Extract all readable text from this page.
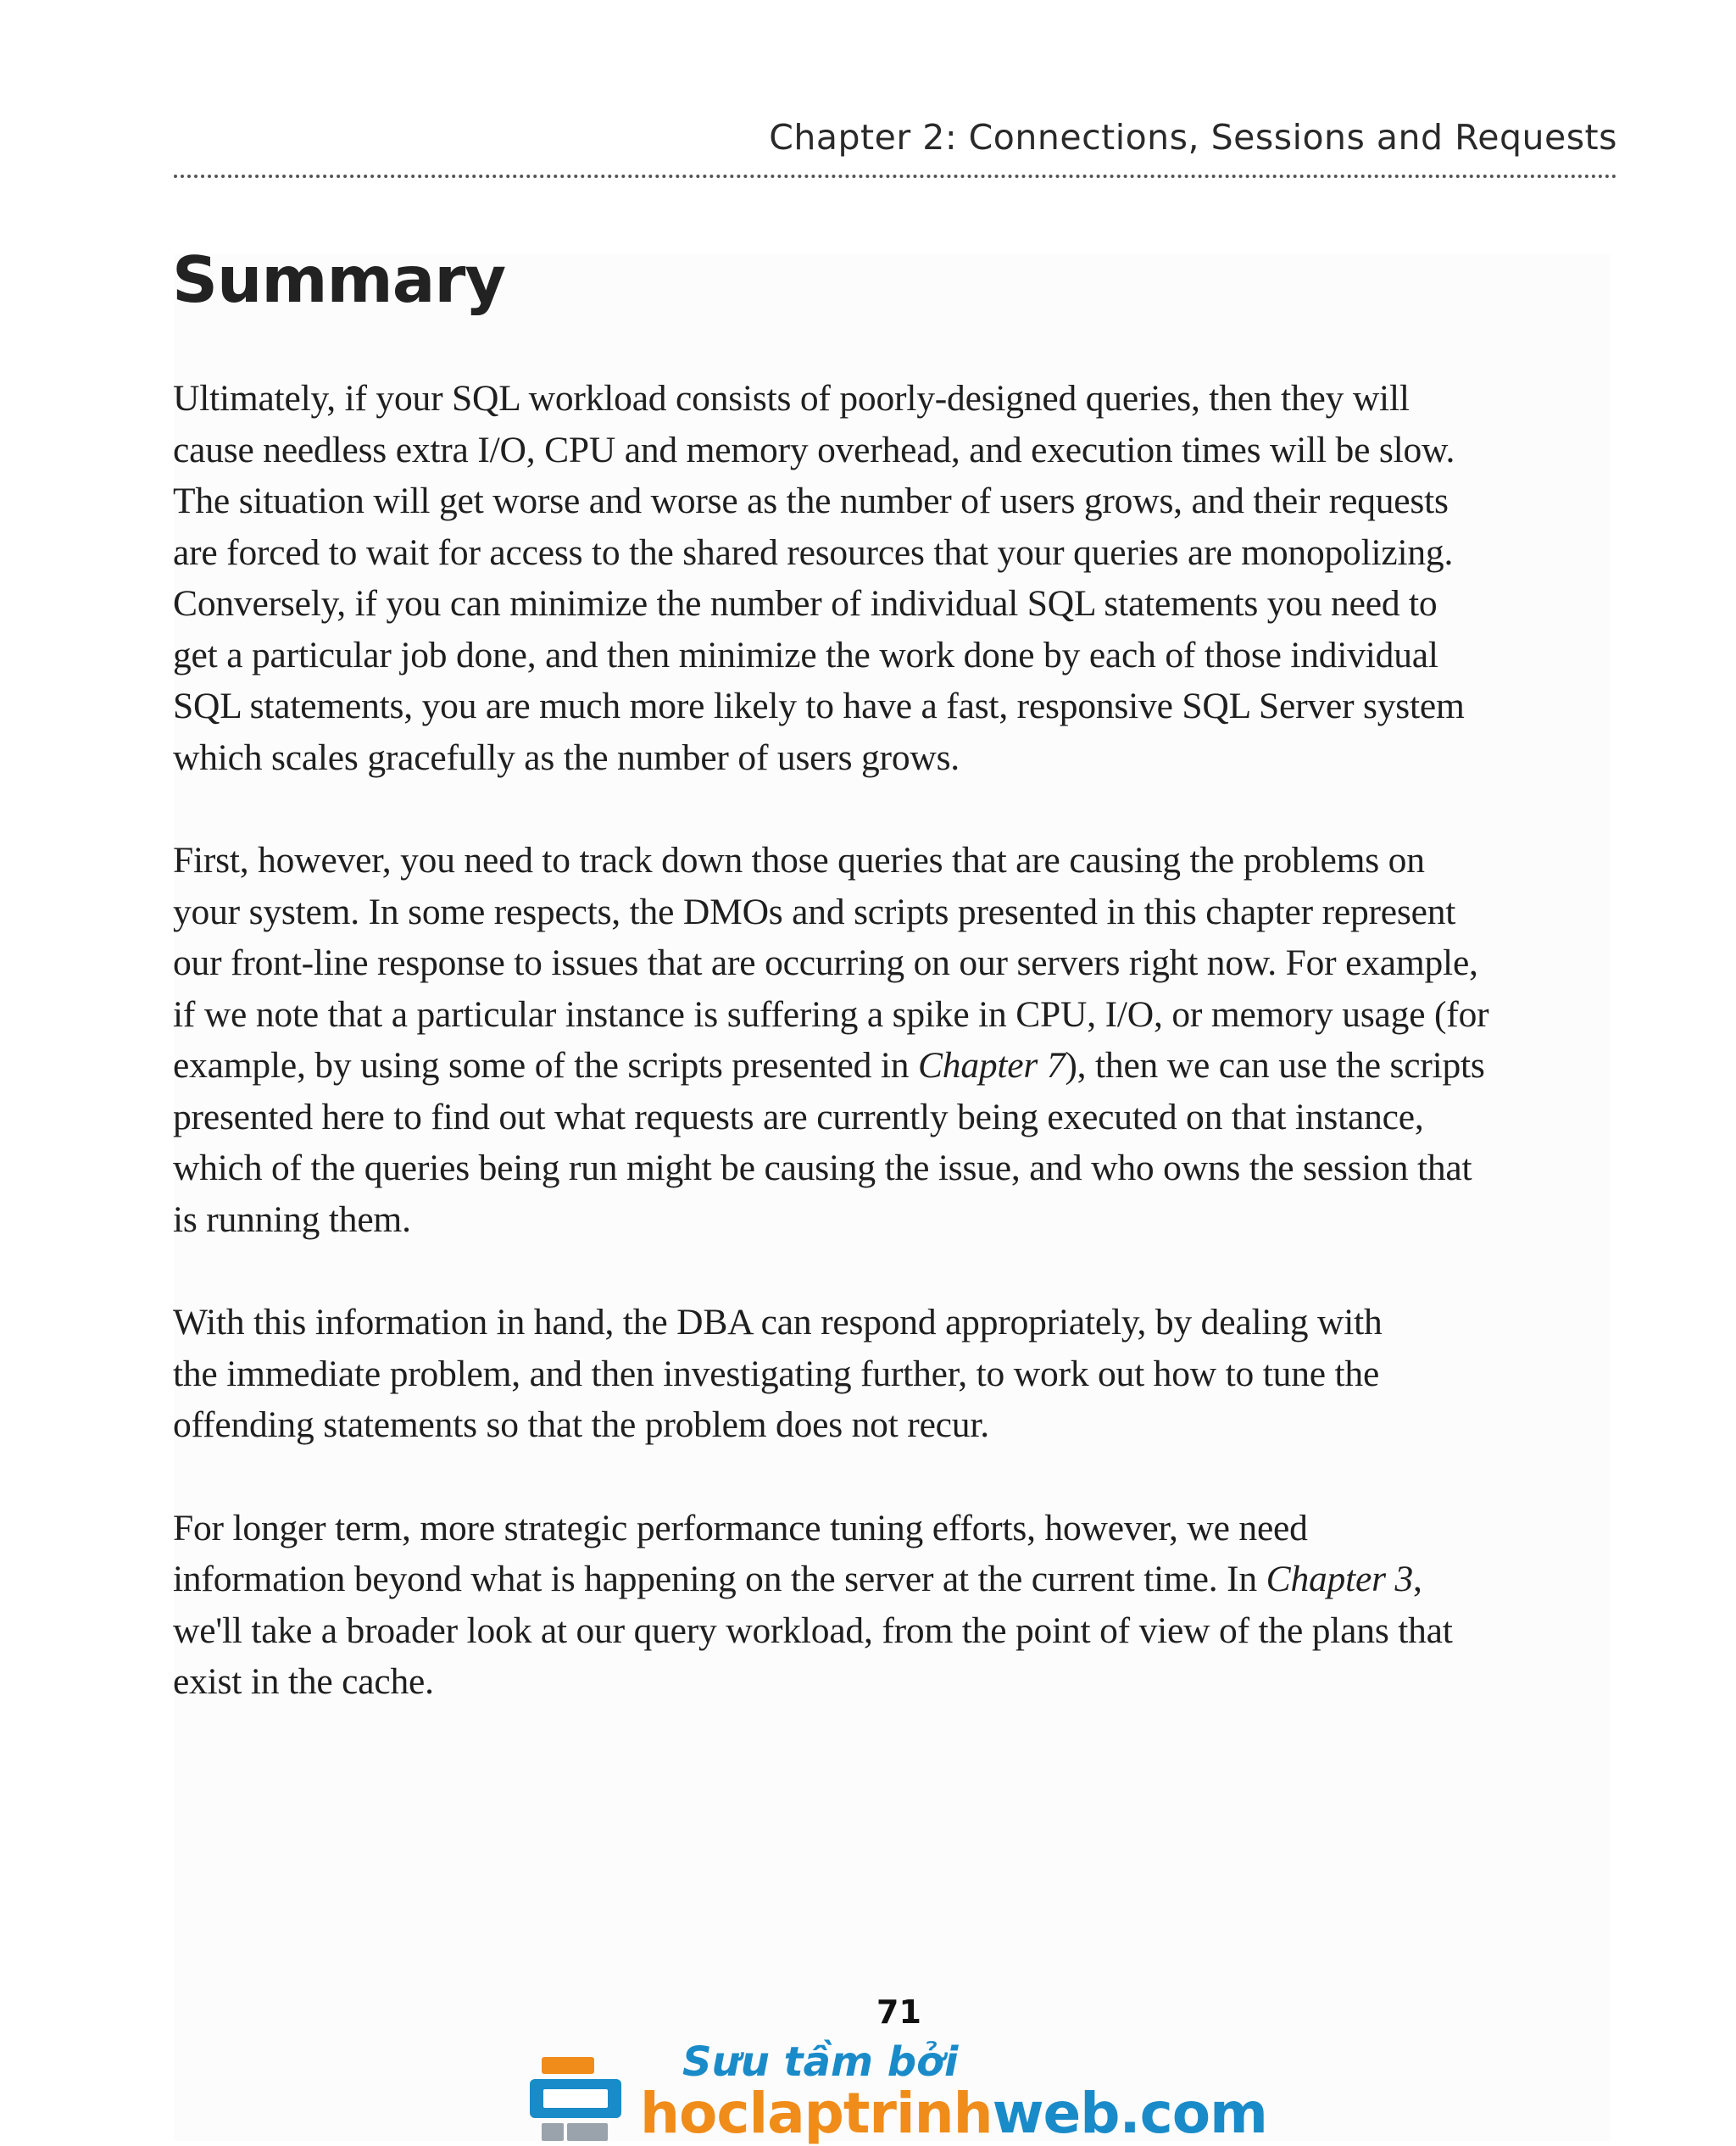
Chapter 2: Connections, Sessions and Requests
Summary

Ultimately, if your SQL workload consists of poorly-designed queries, then they will
cause needless extra I/O, CPU and memory overhead, and execution times will be slow.
The situation will get worse and worse as the number of users grows, and their requests
are forced to wait for access to the shared resources that your queries are monopolizing.
Conversely, if you can minimize the number of individual SQL statements you need to
get a particular job done, and then minimize the work done by each of those individual
SQL statements, you are much more likely to have a fast, responsive SQL Server system
which scales gracefully as the number of users grows.

First, however, you need to track down those queries that are causing the problems on
your system. In some respects, the DMOs and scripts presented in this chapter represent
our front-line response to issues that are occurring on our servers right now. For example,
if we note that a particular instance is suffering a spike in CPU, I/O, or memory usage (for
example, by using some of the scripts presented in Chapter 7), then we can use the scripts
presented here to find out what requests are currently being executed on that instance,
which of the queries being run might be causing the issue, and who owns the session that
is running them.

With this information in hand, the DBA can respond appropriately, by dealing with
the immediate problem, and then investigating further, to work out how to tune the
offending statements so that the problem does not recur.

For longer term, more strategic performance tuning efforts, however, we need
information beyond what is happening on the server at the current time. In Chapter 3,
we'll take a broader look at our query workload, from the point of view of the plans that
exist in the cache.

71
Sưu tầm bởi
hoclaptrinhweb.com
